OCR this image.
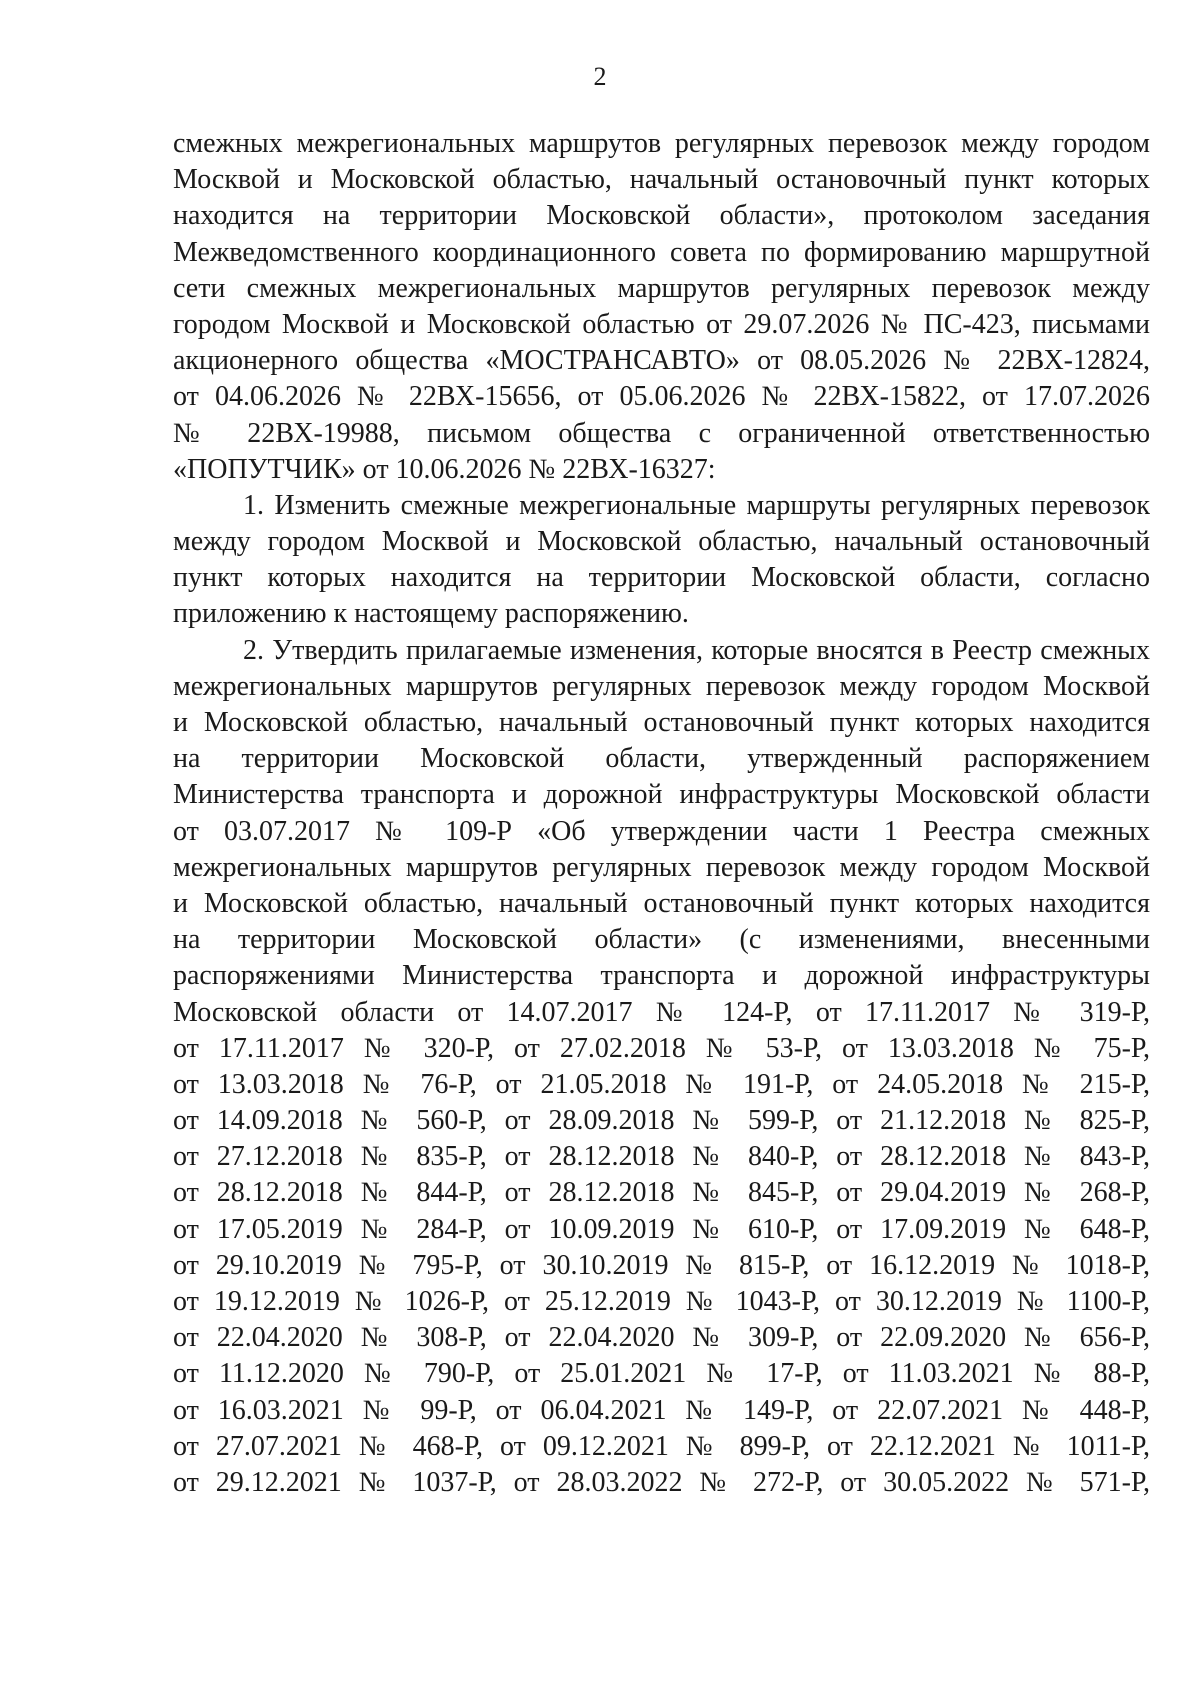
2
смежных межрегиональных маршрутов регулярных перевозок между городом
Москвой и Московской областью, начальный остановочный пункт которых
находится на территории Московской области», протоколом заседания
Межведомственного координационного совета по формированию маршрутной
сети смежных межрегиональных маршрутов регулярных перевозок между
городом Москвой и Московской областью от 29.07.2026 № ПС-423, письмами
акционерного общества «МОСТРАНСАВТО» от 08.05.2026 № 22ВХ-12824,
от 04.06.2026 № 22ВХ-15656, от 05.06.2026 № 22ВХ-15822, от 17.07.2026
№ 22ВХ-19988, письмом общества с ограниченной ответственностью
«ПОПУТЧИК» от 10.06.2026 № 22ВХ-16327:
1. Изменить смежные межрегиональные маршруты регулярных перевозок
между городом Москвой и Московской областью, начальный остановочный
пункт которых находится на территории Московской области, согласно
приложению к настоящему распоряжению.
2. Утвердить прилагаемые изменения, которые вносятся в Реестр смежных
межрегиональных маршрутов регулярных перевозок между городом Москвой
и Московской областью, начальный остановочный пункт которых находится
на территории Московской области, утвержденный распоряжением
Министерства транспорта и дорожной инфраструктуры Московской области
от 03.07.2017 № 109-Р «Об утверждении части 1 Реестра смежных
межрегиональных маршрутов регулярных перевозок между городом Москвой
и Московской областью, начальный остановочный пункт которых находится
на территории Московской области» (с изменениями, внесенными
распоряжениями Министерства транспорта и дорожной инфраструктуры
Московской области от 14.07.2017 № 124-Р, от 17.11.2017 № 319-Р,
от 17.11.2017 № 320-Р, от 27.02.2018 № 53-Р, от 13.03.2018 № 75-Р,
от 13.03.2018 № 76-Р, от 21.05.2018 № 191-Р, от 24.05.2018 № 215-Р,
от 14.09.2018 № 560-Р, от 28.09.2018 № 599-Р, от 21.12.2018 № 825-Р,
от 27.12.2018 № 835-Р, от 28.12.2018 № 840-Р, от 28.12.2018 № 843-Р,
от 28.12.2018 № 844-Р, от 28.12.2018 № 845-Р, от 29.04.2019 № 268-Р,
от 17.05.2019 № 284-Р, от 10.09.2019 № 610-Р, от 17.09.2019 № 648-Р,
от 29.10.2019 № 795-Р, от 30.10.2019 № 815-Р, от 16.12.2019 № 1018-Р,
от 19.12.2019 № 1026-Р, от 25.12.2019 № 1043-Р, от 30.12.2019 № 1100-Р,
от 22.04.2020 № 308-Р, от 22.04.2020 № 309-Р, от 22.09.2020 № 656-Р,
от 11.12.2020 № 790-Р, от 25.01.2021 № 17-Р, от 11.03.2021 № 88-Р,
от 16.03.2021 № 99-Р, от 06.04.2021 № 149-Р, от 22.07.2021 № 448-Р,
от 27.07.2021 № 468-Р, от 09.12.2021 № 899-Р, от 22.12.2021 № 1011-Р,
от 29.12.2021 № 1037-Р, от 28.03.2022 № 272-Р, от 30.05.2022 № 571-Р,
